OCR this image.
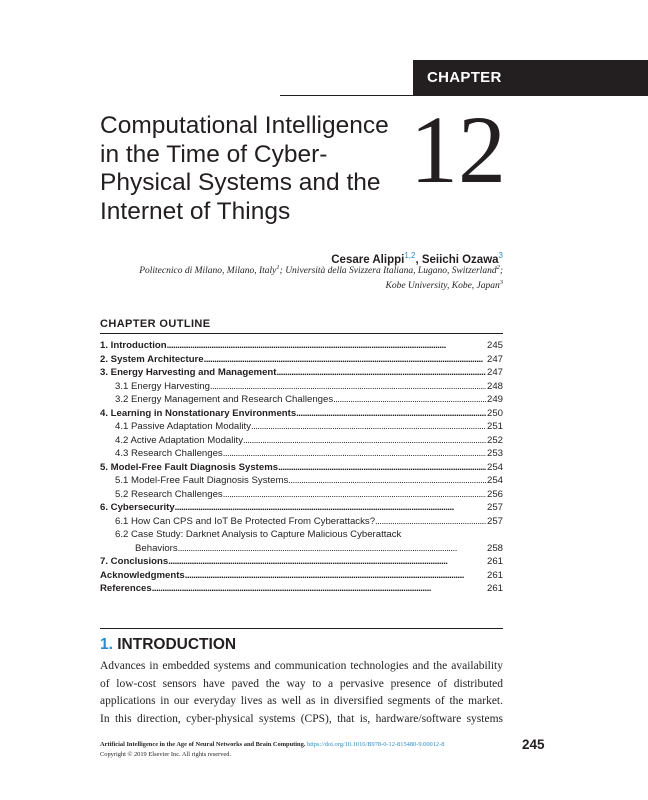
CHAPTER
Computational Intelligence
in the Time of Cyber-
Physical Systems and the
Internet of Things
12
Cesare Alippi$^{1,2}$, Seiichi Ozawa$^3$
Politecnico di Milano, Milano, Italy$^1$; Università della Svizzera Italiana, Lugano, Switzerland$^2$;
Kobe University, Kobe, Japan$^3$
CHAPTER OUTLINE
1. Introduction . . .	245
2. System Architecture . . .	247
3. Energy Harvesting and Management . . .	247
3.1 Energy Harvesting . . .	248
3.2 Energy Management and Research Challenges . . .	249
4. Learning in Nonstationary Environments . . .	250
4.1 Passive Adaptation Modality . . .	251
4.2 Active Adaptation Modality . . .	252
4.3 Research Challenges . . .	253
5. Model-Free Fault Diagnosis Systems . . .	254
5.1 Model-Free Fault Diagnosis Systems . . .	254
5.2 Research Challenges . . .	256
6. Cybersecurity . . .	257
6.1 How Can CPS and IoT Be Protected From Cyberattacks? . . .	257
6.2 Case Study: Darknet Analysis to Capture Malicious Cyberattack
Behaviors . . .	258
7. Conclusions . . .	261
Acknowledgments . . .	261
References . . .	261
1. INTRODUCTION
Advances in embedded systems and communication technologies and the availability
of low-cost sensors have paved the way to a pervasive presence of distributed
applications in our everyday lives as well as in diversified segments of the market.
In this direction, cyber-physical systems (CPS), that is, hardware/software systems
Artificial Intelligence in the Age of Neural Networks and Brain Computing. https://doi.org/10.1016/B978-0-12-815480-9.00012-8
Copyright © 2019 Elsevier Inc. All rights reserved.
245
